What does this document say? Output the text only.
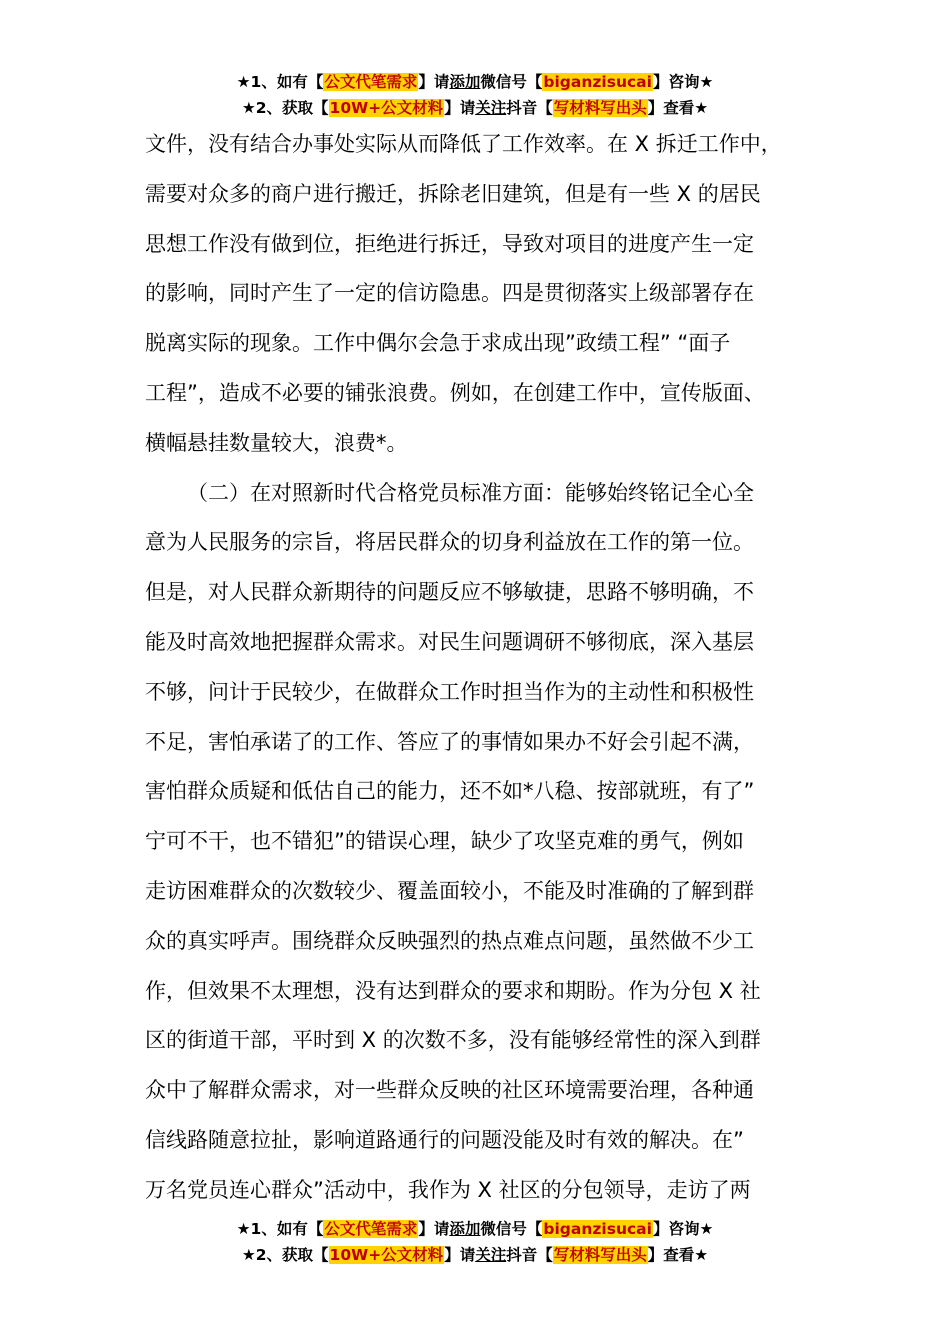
★1、如有【公文代笔需求】请添加微信号【biganzisucai】咨询★
★2、获取【10W+公文材料】请关注抖音【写材料写出头】查看★
文件，没有结合办事处实际从而降低了工作效率。在 X 拆迁工作中，
需要对众多的商户进行搬迁，拆除老旧建筑，但是有一些 X 的居民
思想工作没有做到位，拒绝进行拆迁，导致对项目的进度产生一定
的影响，同时产生了一定的信访隐患。四是贯彻落实上级部署存在
脱离实际的现象。工作中偶尔会急于求成出现”政绩工程” “面子
工程”，造成不必要的铺张浪费。例如，在创建工作中，宣传版面、
横幅悬挂数量较大，浪费*。
（二）在对照新时代合格党员标准方面：能够始终铭记全心全
意为人民服务的宗旨，将居民群众的切身利益放在工作的第一位。
但是，对人民群众新期待的问题反应不够敏捷，思路不够明确，不
能及时高效地把握群众需求。对民生问题调研不够彻底，深入基层
不够，问计于民较少，在做群众工作时担当作为的主动性和积极性
不足，害怕承诺了的工作、答应了的事情如果办不好会引起不满，
害怕群众质疑和低估自己的能力，还不如*八稳、按部就班，有了”
宁可不干，也不错犯”的错误心理，缺少了攻坚克难的勇气，例如
走访困难群众的次数较少、覆盖面较小，不能及时准确的了解到群
众的真实呼声。围绕群众反映强烈的热点难点问题，虽然做不少工
作，但效果不太理想，没有达到群众的要求和期盼。作为分包 X 社
区的街道干部，平时到 X 的次数不多，没有能够经常性的深入到群
众中了解群众需求，对一些群众反映的社区环境需要治理，各种通
信线路随意拉扯，影响道路通行的问题没能及时有效的解决。在”
万名党员连心群众”活动中，我作为 X 社区的分包领导，走访了两
★1、如有【公文代笔需求】请添加微信号【biganzisucai】咨询★
★2、获取【10W+公文材料】请关注抖音【写材料写出头】查看★
